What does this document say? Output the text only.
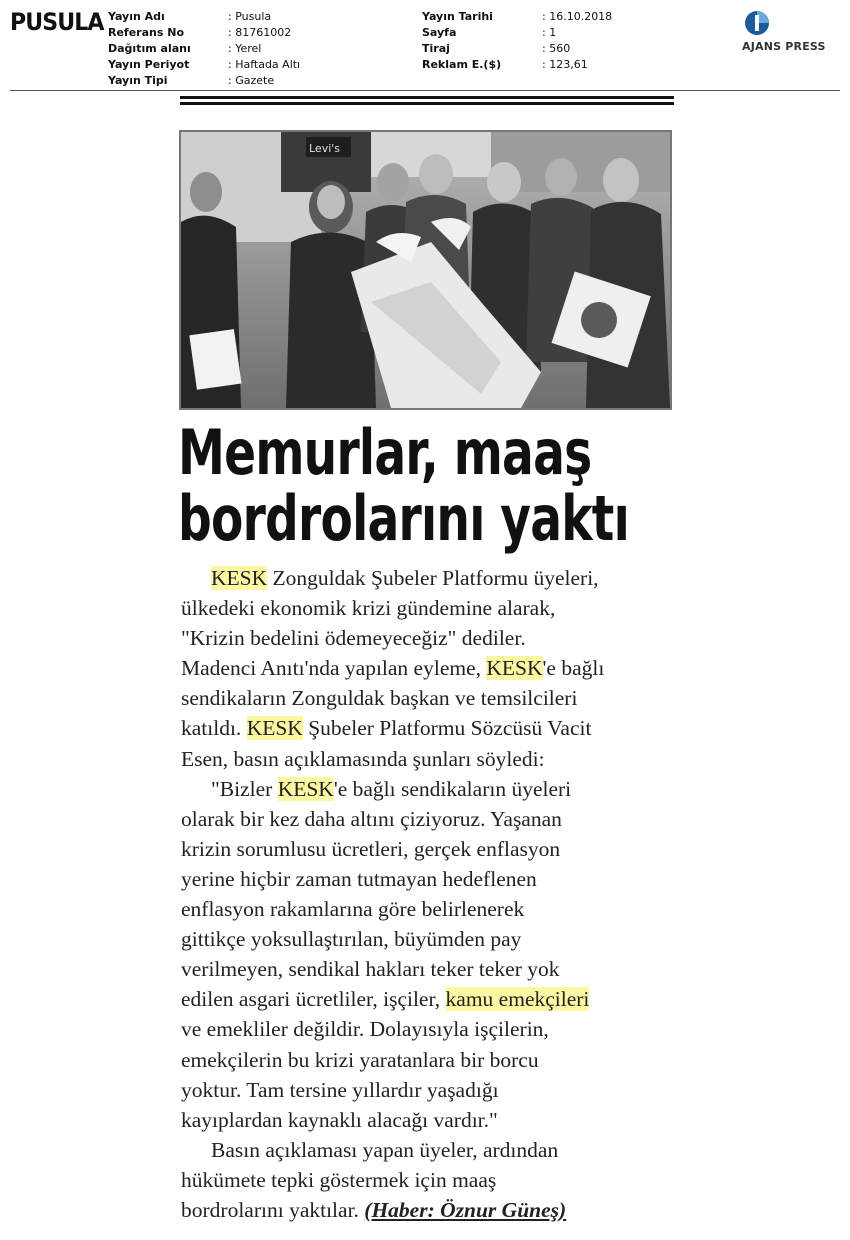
PUSULA Yayın Adı	: Pusula
Referans No	: 81761002
Dağıtım alanı	: Yerel
Yayın Periyot	: Haftada Altı
Yayın Tipi	: Gazete
Yayın Tarihi	: 16.10.2018
Sayfa	: 1
Tiraj	: 560
Reklam E.($)	: 123,61
AJANS PRESS
Levi's
Memurlar, maaş
bordrolarını yaktı
KESK Zonguldak Şubeler Platformu üyeleri,
ülkedeki ekonomik krizi gündemine alarak,
"Krizin bedelini ödemeyeceğiz" dediler.
Madenci Anıtı'nda yapılan eyleme, KESK'e bağlı
sendikaların Zonguldak başkan ve temsilcileri
katıldı. KESK Şubeler Platformu Sözcüsü Vacit
Esen, basın açıklamasında şunları söyledi:
"Bizler KESK'e bağlı sendikaların üyeleri
olarak bir kez daha altını çiziyoruz. Yaşanan
krizin sorumlusu ücretleri, gerçek enflasyon
yerine hiçbir zaman tutmayan hedeflenen
enflasyon rakamlarına göre belirlenerek
gittikçe yoksullaştırılan, büyümden pay
verilmeyen, sendikal hakları teker teker yok
edilen asgari ücretliler, işçiler, kamu emekçileri
ve emekliler değildir. Dolayısıyla işçilerin,
emekçilerin bu krizi yaratanlara bir borcu
yoktur. Tam tersine yıllardır yaşadığı
kayıplardan kaynaklı alacağı vardır."
Basın açıklaması yapan üyeler, ardından
hükümete tepki göstermek için maaş
bordrolarını yaktılar. (Haber: Öznur Güneş)
